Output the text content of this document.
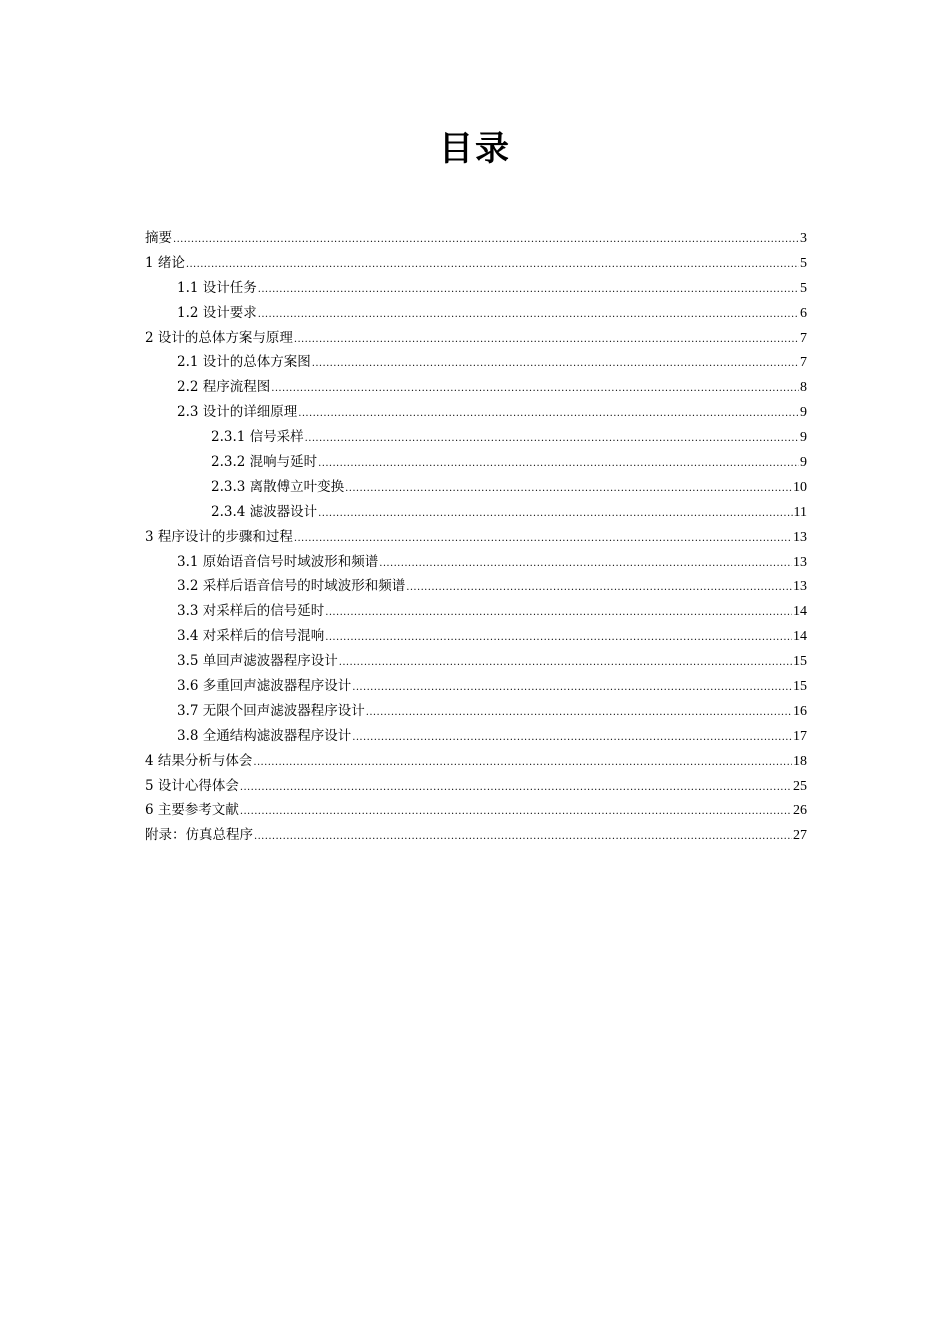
目录
摘要 .....	3
1 绪论 .....	5
1.1 设计任务 .....	5
1.2 设计要求 .....	6
2 设计的总体方案与原理 .....	7
2.1 设计的总体方案图 .....	7
2.2 程序流程图 .....	8
2.3 设计的详细原理 .....	9
2.3.1 信号采样 .....	9
2.3.2 混响与延时 .....	9
2.3.3 离散傅立叶变换 .....	10
2.3.4 滤波器设计 .....	11
3 程序设计的步骤和过程 .....	13
3.1 原始语音信号时域波形和频谱 .....	13
3.2 采样后语音信号的时域波形和频谱 .....	13
3.3 对采样后的信号延时 .....	14
3.4 对采样后的信号混响 .....	14
3.5 单回声滤波器程序设计 .....	15
3.6 多重回声滤波器程序设计 .....	15
3.7 无限个回声滤波器程序设计 .....	16
3.8 全通结构滤波器程序设计 .....	17
4 结果分析与体会 .....	18
5 设计心得体会 .....	25
6 主要参考文献 .....	26
附录：仿真总程序 .....	27
